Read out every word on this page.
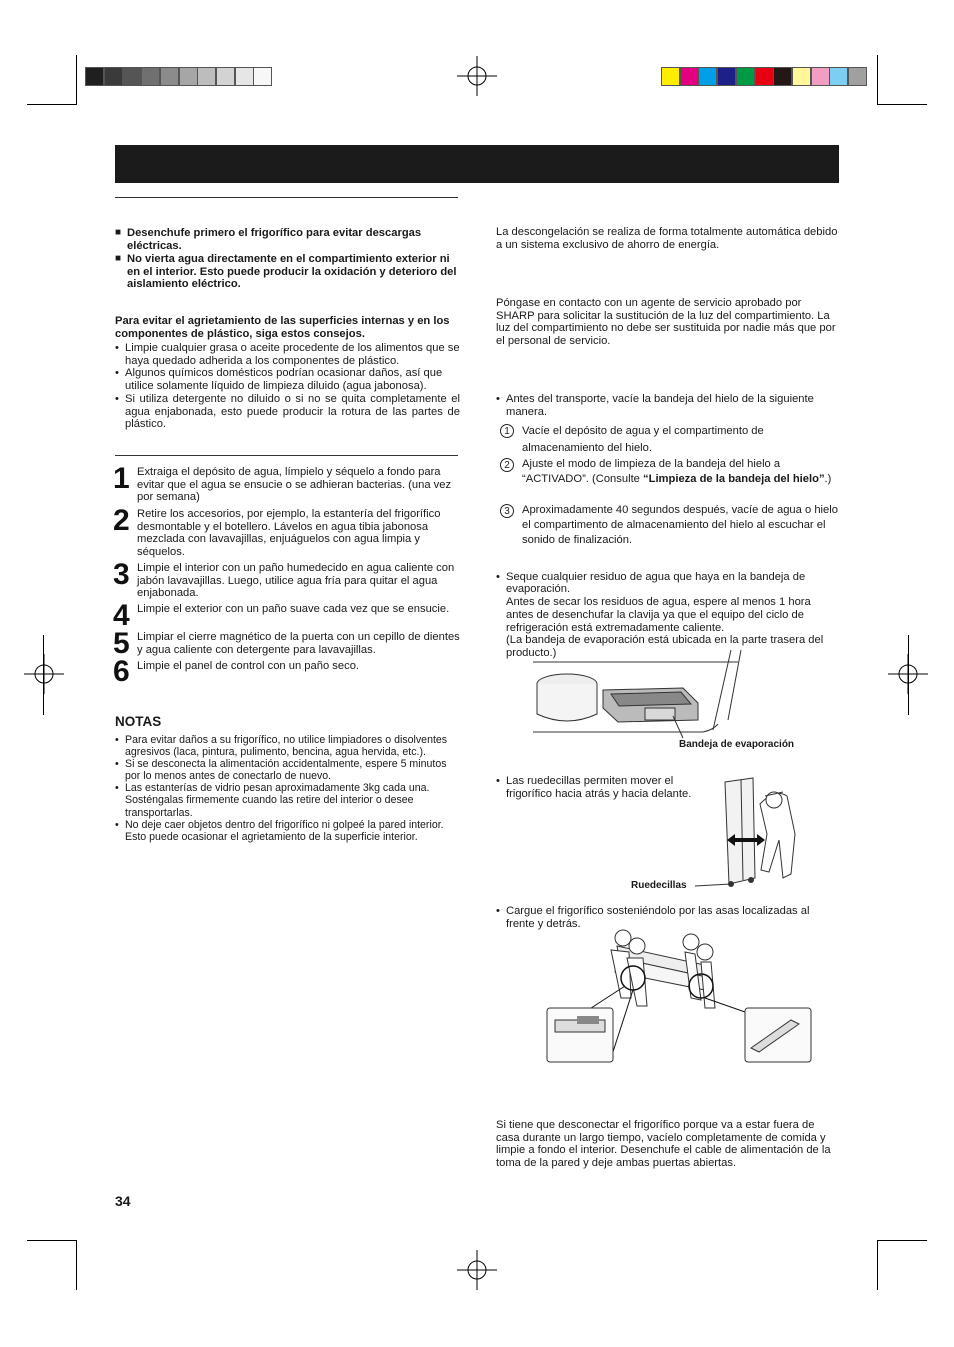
■ Desenchufe primero el frigorífico para evitar descargas eléctricas.
■ No vierta agua directamente en el compartimiento exterior ni en el interior. Esto puede producir la oxidación y deterioro del aislamiento eléctrico.
Para evitar el agrietamiento de las superficies internas y en los componentes de plástico, siga estos consejos.
• Limpie cualquier grasa o aceite procedente de los alimentos que se haya quedado adherida a los componentes de plástico.
• Algunos químicos domésticos podrían ocasionar daños, así que utilice solamente líquido de limpieza diluido (agua jabonosa).
• Si utiliza detergente no diluido o si no se quita completamente el agua enjabonada, esto puede producir la rotura de las partes de plástico.
1 Extraiga el depósito de agua, límpielo y séquelo a fondo para evitar que el agua se ensucie o se adhieran bacterias. (una vez por semana)
2 Retire los accesorios, por ejemplo, la estantería del frigorífico desmontable y el botellero. Lávelos en agua tibia jabonosa mezclada con lavavajillas, enjuáguelos con agua limpia y séquelos.
3 Limpie el interior con un paño humedecido en agua caliente con jabón lavavajillas. Luego, utilice agua fría para quitar el agua enjabonada.
4 Limpie el exterior con un paño suave cada vez que se ensucie.
5 Limpiar el cierre magnético de la puerta con un cepillo de dientes y agua caliente con detergente para lavavajillas.
6 Limpie el panel de control con un paño seco.
NOTAS
• Para evitar daños a su frigorífico, no utilice limpiadores o disolventes agresivos (laca, pintura, pulimento, bencina, agua hervida, etc.).
• Si se desconecta la alimentación accidentalmente, espere 5 minutos por lo menos antes de conectarlo de nuevo.
• Las estanterías de vidrio pesan aproximadamente 3kg cada una. Sosténgalas firmemente cuando las retire del interior o desee transportarlas.
• No deje caer objetos dentro del frigorífico ni golpeé la pared interior. Esto puede ocasionar el agrietamiento de la superficie interior.
34
La descongelación se realiza de forma totalmente automática debido a un sistema exclusivo de ahorro de energía.
Póngase en contacto con un agente de servicio aprobado por SHARP para solicitar la sustitución de la luz del compartimiento. La luz del compartimiento no debe ser sustituida por nadie más que por el personal de servicio.
• Antes del transporte, vacíe la bandeja del hielo de la siguiente manera.
1	Vacíe el depósito de agua y el compartimento de almacenamiento del hielo.
2	Ajuste el modo de limpieza de la bandeja del hielo a “ACTIVADO”. (Consulte “Limpieza de la bandeja del hielo”.)
3	Aproximadamente 40 segundos después, vacíe de agua o hielo el compartimento de almacenamiento del hielo al escuchar el sonido de finalización.

• Seque cualquier residuo de agua que haya en la bandeja de evaporación.
Antes de secar los residuos de agua, espere al menos 1 hora antes de desenchufar la clavija ya que el equipo del ciclo de refrigeración está extremadamente caliente.
(La bandeja de evaporación está ubicada en la parte trasera del producto.)

Bandeja de evaporación
• Las ruedecillas permiten mover el frigorífico hacia atrás y hacia delante.
Ruedecillas
• Cargue el frigorífico sosteniéndolo por las asas localizadas al frente y detrás.
Si tiene que desconectar el frigorífico porque va a estar fuera de casa durante un largo tiempo, vacíelo completamente de comida y limpie a fondo el interior. Desenchufe el cable de alimentación de la toma de la pared y deje ambas puertas abiertas.
